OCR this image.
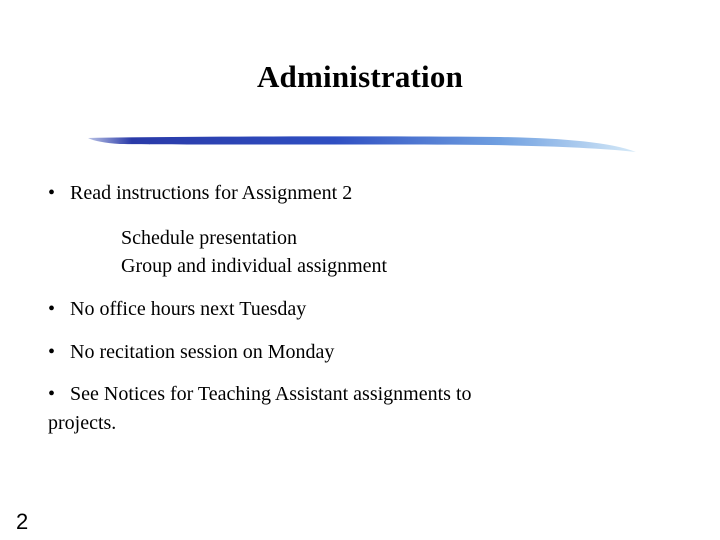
Administration
• Read instructions for Assignment 2
Schedule presentation
Group and individual assignment
• No office hours next Tuesday
• No recitation session on Monday
• See Notices for Teaching Assistant assignments to
projects.
2
